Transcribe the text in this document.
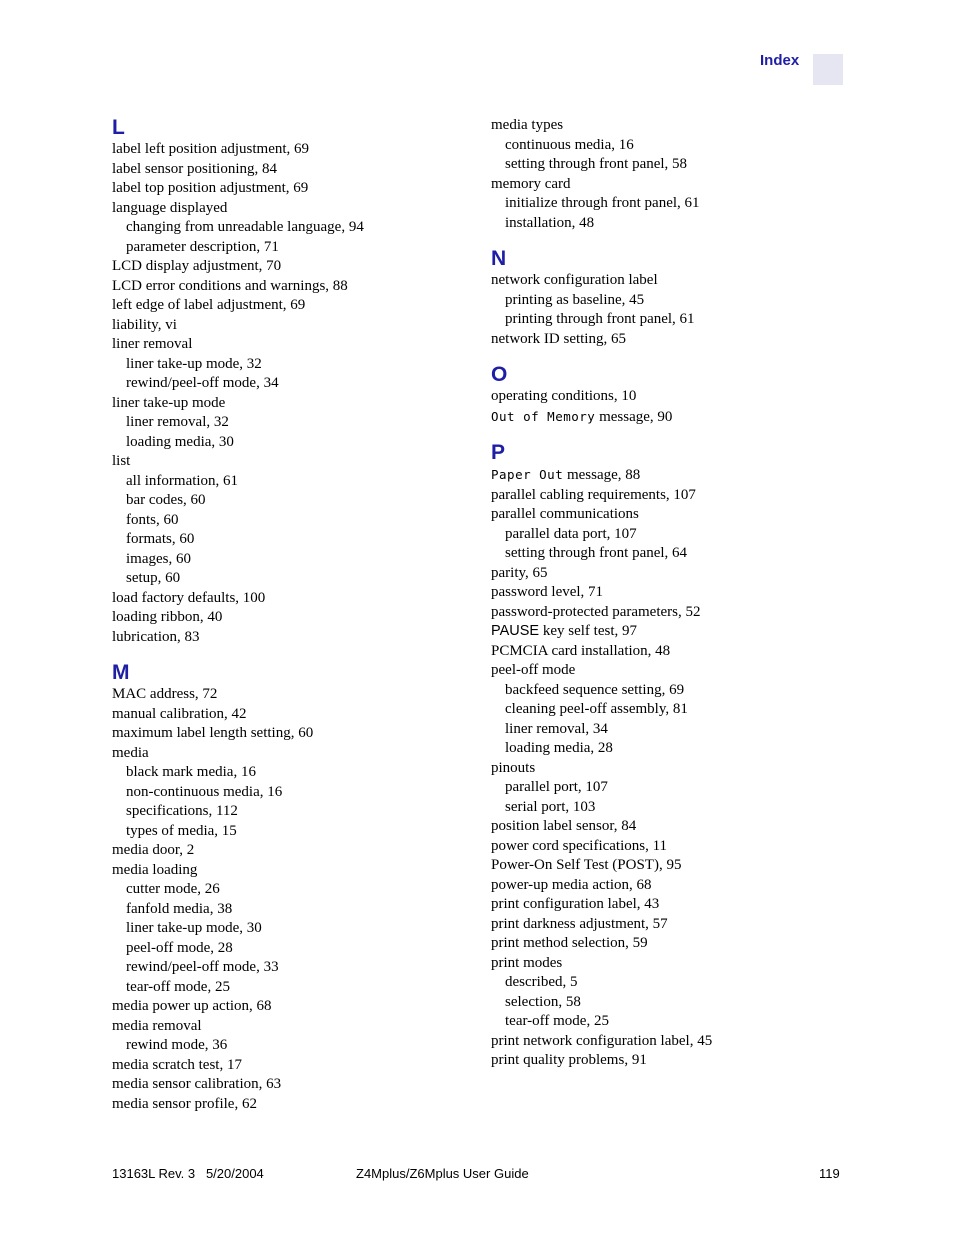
Index
L
label left position adjustment, 69
label sensor positioning, 84
label top position adjustment, 69
language displayed
changing from unreadable language, 94
parameter description, 71
LCD display adjustment, 70
LCD error conditions and warnings, 88
left edge of label adjustment, 69
liability, vi
liner removal
liner take-up mode, 32
rewind/peel-off mode, 34
liner take-up mode
liner removal, 32
loading media, 30
list
all information, 61
bar codes, 60
fonts, 60
formats, 60
images, 60
setup, 60
load factory defaults, 100
loading ribbon, 40
lubrication, 83
M
MAC address, 72
manual calibration, 42
maximum label length setting, 60
media
black mark media, 16
non-continuous media, 16
specifications, 112
types of media, 15
media door, 2
media loading
cutter mode, 26
fanfold media, 38
liner take-up mode, 30
peel-off mode, 28
rewind/peel-off mode, 33
tear-off mode, 25
media power up action, 68
media removal
rewind mode, 36
media scratch test, 17
media sensor calibration, 63
media sensor profile, 62
media types
continuous media, 16
setting through front panel, 58
memory card
initialize through front panel, 61
installation, 48
N
network configuration label
printing as baseline, 45
printing through front panel, 61
network ID setting, 65
O
operating conditions, 10
Out of Memory message, 90
P
Paper Out message, 88
parallel cabling requirements, 107
parallel communications
parallel data port, 107
setting through front panel, 64
parity, 65
password level, 71
password-protected parameters, 52
PAUSE key self test, 97
PCMCIA card installation, 48
peel-off mode
backfeed sequence setting, 69
cleaning peel-off assembly, 81
liner removal, 34
loading media, 28
pinouts
parallel port, 107
serial port, 103
position label sensor, 84
power cord specifications, 11
Power-On Self Test (POST), 95
power-up media action, 68
print configuration label, 43
print darkness adjustment, 57
print method selection, 59
print modes
described, 5
selection, 58
tear-off mode, 25
print network configuration label, 45
print quality problems, 91
13163L Rev. 3   5/20/2004	Z4Mplus/Z6Mplus User Guide	119
